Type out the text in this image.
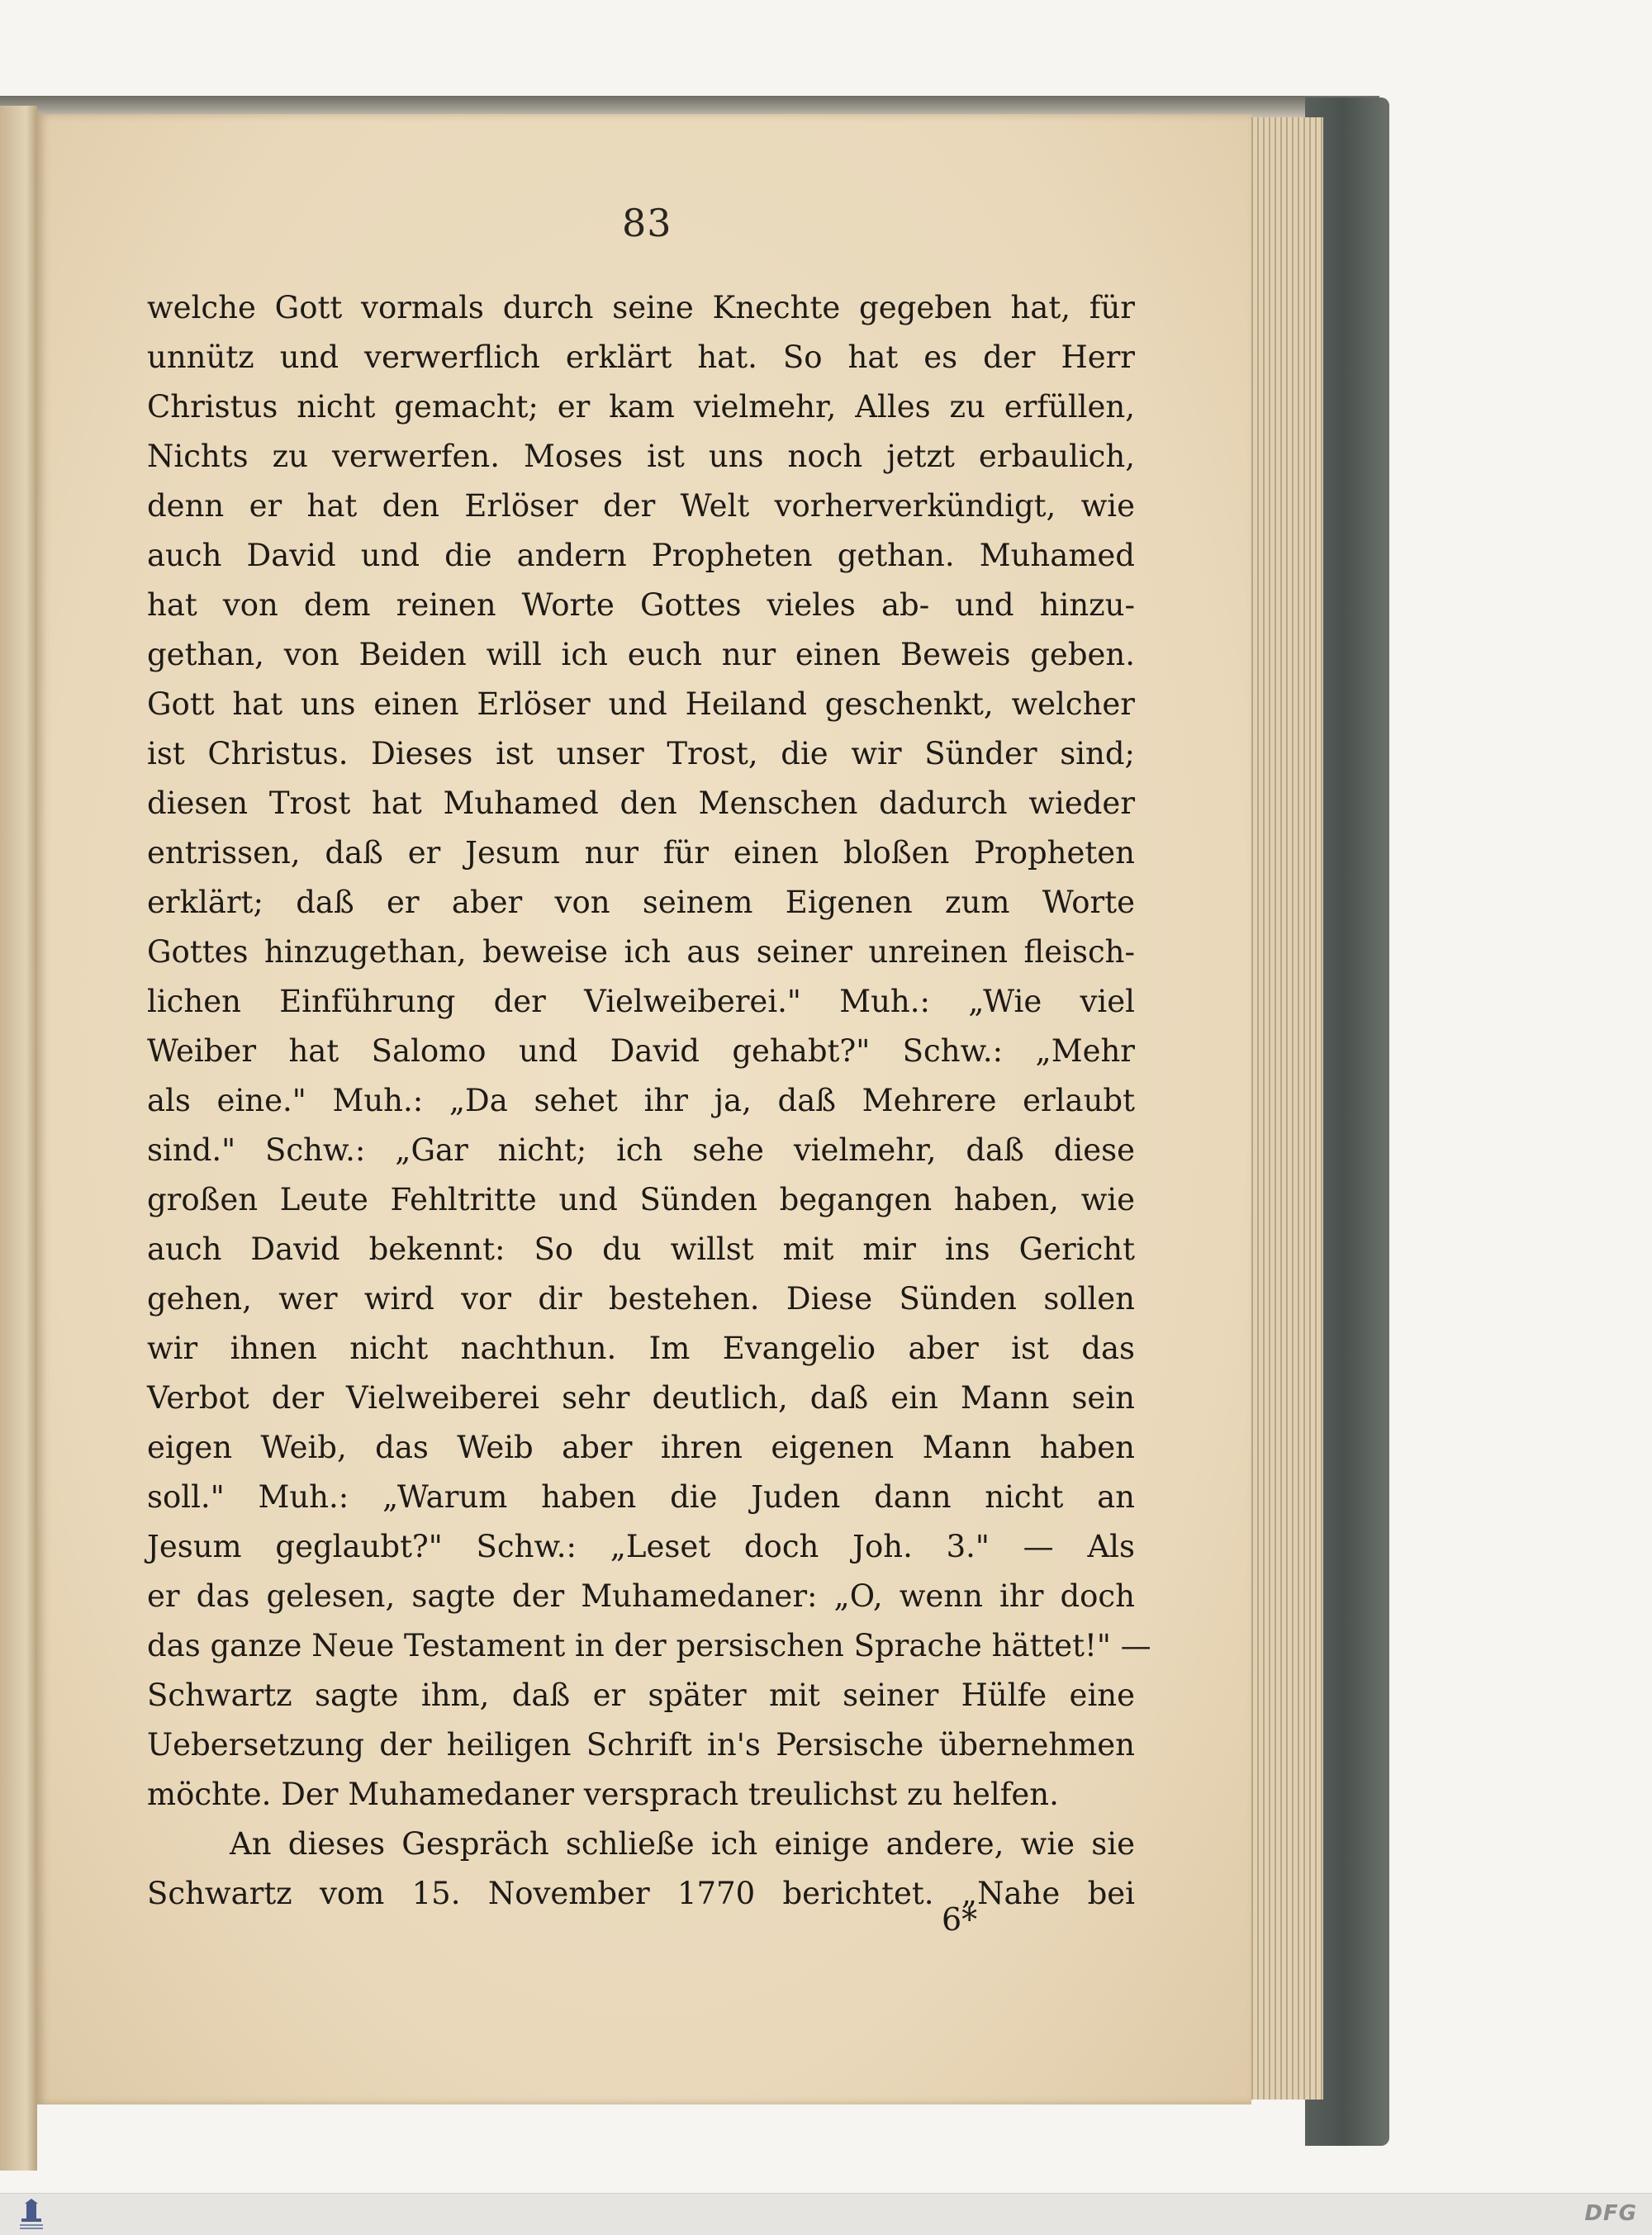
83
welche Gott vormals durch seine Knechte gegeben hat, für
unnütz und verwerflich erklärt hat. So hat es der Herr
Christus nicht gemacht; er kam vielmehr, Alles zu erfüllen,
Nichts zu verwerfen. Moses ist uns noch jetzt erbaulich,
denn er hat den Erlöser der Welt vorherverkündigt, wie
auch David und die andern Propheten gethan. Muhamed
hat von dem reinen Worte Gottes vieles ab- und hinzu-
gethan, von Beiden will ich euch nur einen Beweis geben.
Gott hat uns einen Erlöser und Heiland geschenkt, welcher
ist Christus. Dieses ist unser Trost, die wir Sünder sind;
diesen Trost hat Muhamed den Menschen dadurch wieder
entrissen, daß er Jesum nur für einen bloßen Propheten
erklärt; daß er aber von seinem Eigenen zum Worte
Gottes hinzugethan, beweise ich aus seiner unreinen fleisch-
lichen Einführung der Vielweiberei." Muh.: „Wie viel
Weiber hat Salomo und David gehabt?" Schw.: „Mehr
als eine." Muh.: „Da sehet ihr ja, daß Mehrere erlaubt
sind." Schw.: „Gar nicht; ich sehe vielmehr, daß diese
großen Leute Fehltritte und Sünden begangen haben, wie
auch David bekennt: So du willst mit mir ins Gericht
gehen, wer wird vor dir bestehen. Diese Sünden sollen
wir ihnen nicht nachthun. Im Evangelio aber ist das
Verbot der Vielweiberei sehr deutlich, daß ein Mann sein
eigen Weib, das Weib aber ihren eigenen Mann haben
soll." Muh.: „Warum haben die Juden dann nicht an
Jesum geglaubt?" Schw.: „Leset doch Joh. 3." — Als
er das gelesen, sagte der Muhamedaner: „O, wenn ihr doch
das ganze Neue Testament in der persischen Sprache hättet!" —
Schwartz sagte ihm, daß er später mit seiner Hülfe eine
Uebersetzung der heiligen Schrift in's Persische übernehmen
möchte. Der Muhamedaner versprach treulichst zu helfen.
An dieses Gespräch schließe ich einige andere, wie sie
Schwartz vom 15. November 1770 berichtet. „Nahe bei
6*
DFG
